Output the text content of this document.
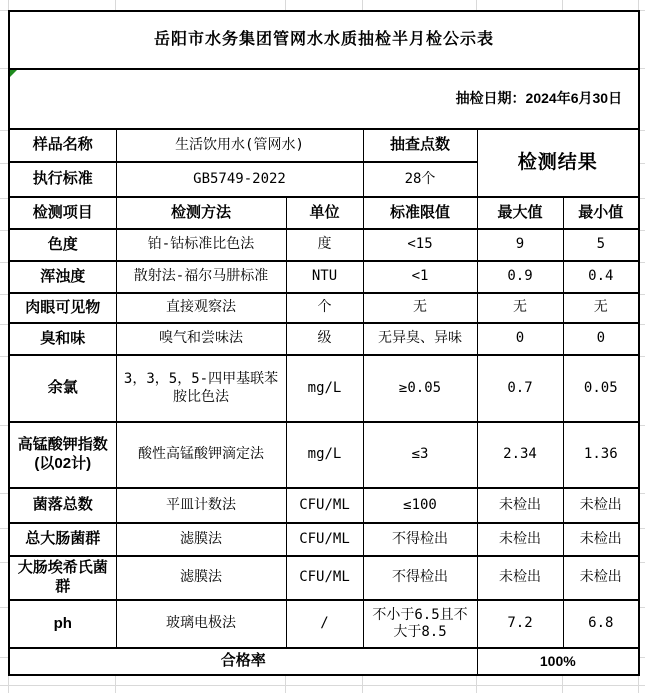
岳阳市水务集团管网水水质抽检半月检公示表					

抽检日期：2024年6月30日					
样品名称	生活饮用水(管网水)		抽查点数	检测结果	
执行标准	GB5749-2022		28个		
检测项目	检测方法	单位	标准限值	最大值	最小值
色度	铂-钴标准比色法	度	<15	9	5
浑浊度	散射法-福尔马肼标准	NTU	<1	0.9	0.4
肉眼可见物	直接观察法	个	无	无	无
臭和味	嗅气和尝味法	级	无异臭、异味	0	0
余氯	3，3，5，5-四甲基联苯胺比色法	mg/L	≥0.05	0.7	0.05
高锰酸钾指数(以02计)	酸性高锰酸钾滴定法	mg/L	≤3	2.34	1.36
菌落总数	平皿计数法	CFU/ML	≤100	未检出	未检出
总大肠菌群	滤膜法	CFU/ML	不得检出	未检出	未检出
大肠埃希氏菌群	滤膜法	CFU/ML	不得检出	未检出	未检出
ph	玻璃电极法	/	不小于6.5且不大于8.5	7.2	6.8
合格率				100%	
